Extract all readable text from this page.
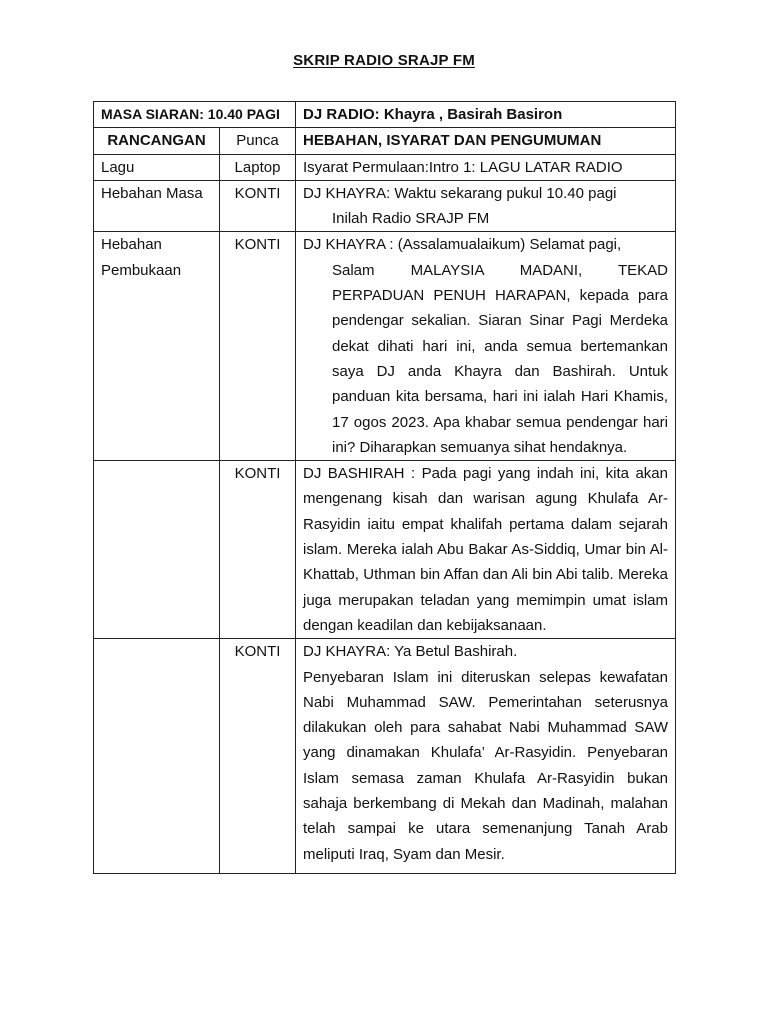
SKRIP RADIO SRAJP FM
MASA SIARAN: 10.40 PAGI		DJ RADIO: Khayra , Basirah Basiron
RANCANGAN	Punca	HEBAHAN, ISYARAT DAN PENGUMUMAN
Lagu	Laptop	Isyarat Permulaan:Intro 1: LAGU LATAR RADIO
Hebahan Masa	KONTI	DJ KHAYRA: Waktu sekarang pukul 10.40 pagi
Inilah Radio SRAJP FM

Hebahan Pembukaan	KONTI	DJ KHAYRA : (Assalamualaikum) Selamat pagi,
Salam MALAYSIA MADANI, TEKAD PERPADUAN PENUH HARAPAN, kepada para pendengar sekalian. Siaran Sinar Pagi Merdeka dekat dihati hari ini, anda semua bertemankan saya DJ anda Khayra dan Bashirah. Untuk panduan kita bersama, hari ini ialah Hari Khamis, 17 ogos 2023. Apa khabar semua pendengar hari ini? Diharapkan semuanya sihat hendaknya.

	KONTI	DJ BASHIRAH : Pada pagi yang indah ini, kita akan mengenang kisah dan warisan agung Khulafa Ar-Rasyidin iaitu empat khalifah pertama dalam sejarah islam. Mereka ialah Abu Bakar As-Siddiq, Umar bin Al-Khattab, Uthman bin Affan dan Ali bin Abi talib. Mereka juga merupakan teladan yang memimpin umat islam dengan keadilan dan kebijaksanaan.

	KONTI	DJ KHAYRA: Ya Betul Bashirah.
Penyebaran Islam ini diteruskan selepas kewafatan Nabi Muhammad SAW. Pemerintahan seterusnya dilakukan oleh para sahabat Nabi Muhammad SAW yang dinamakan Khulafa’ Ar-Rasyidin. Penyebaran Islam semasa zaman Khulafa Ar-Rasyidin bukan sahaja berkembang di Mekah dan Madinah, malahan telah sampai ke utara semenanjung Tanah Arab meliputi Iraq, Syam dan Mesir.
